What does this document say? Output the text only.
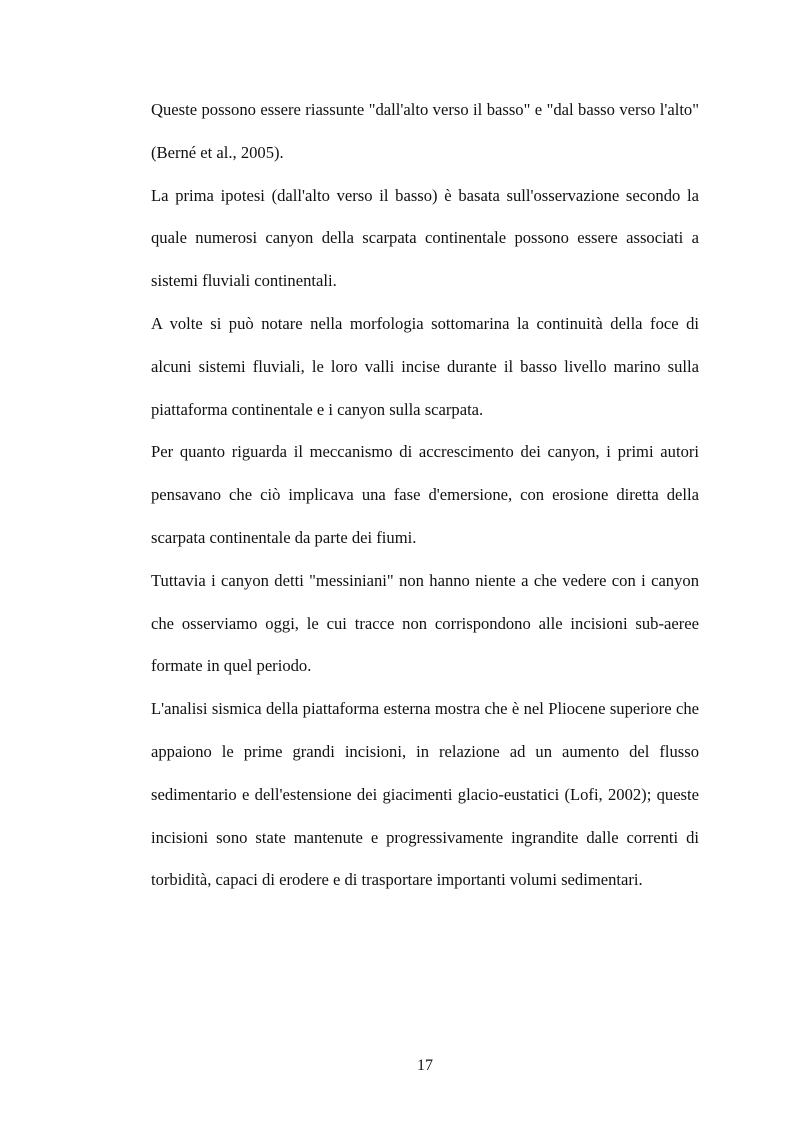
Queste possono essere riassunte "dall'alto verso il basso" e "dal basso verso l'alto" (Berné et al., 2005).

La prima ipotesi (dall'alto verso il basso) è basata sull'osservazione secondo la quale numerosi canyon della scarpata continentale possono essere associati a sistemi fluviali continentali.

A volte si può notare nella morfologia sottomarina la continuità della foce di alcuni sistemi fluviali, le loro valli incise durante il basso livello marino sulla piattaforma continentale e i canyon sulla scarpata.

Per quanto riguarda il meccanismo di accrescimento dei canyon, i primi autori pensavano che ciò implicava una fase d'emersione, con erosione diretta della scarpata continentale da parte dei fiumi.

Tuttavia i canyon detti "messiniani" non hanno niente a che vedere con i canyon che osserviamo oggi, le cui tracce non corrispondono alle incisioni sub-aeree formate in quel periodo.

L'analisi sismica della piattaforma esterna mostra che è nel Pliocene superiore che appaiono le prime grandi incisioni, in relazione ad un aumento del flusso sedimentario e dell'estensione dei giacimenti glacio-eustatici (Lofi, 2002); queste incisioni sono state mantenute e progressivamente ingrandite dalle correnti di torbidità, capaci di erodere e di trasportare importanti volumi sedimentari.

17
